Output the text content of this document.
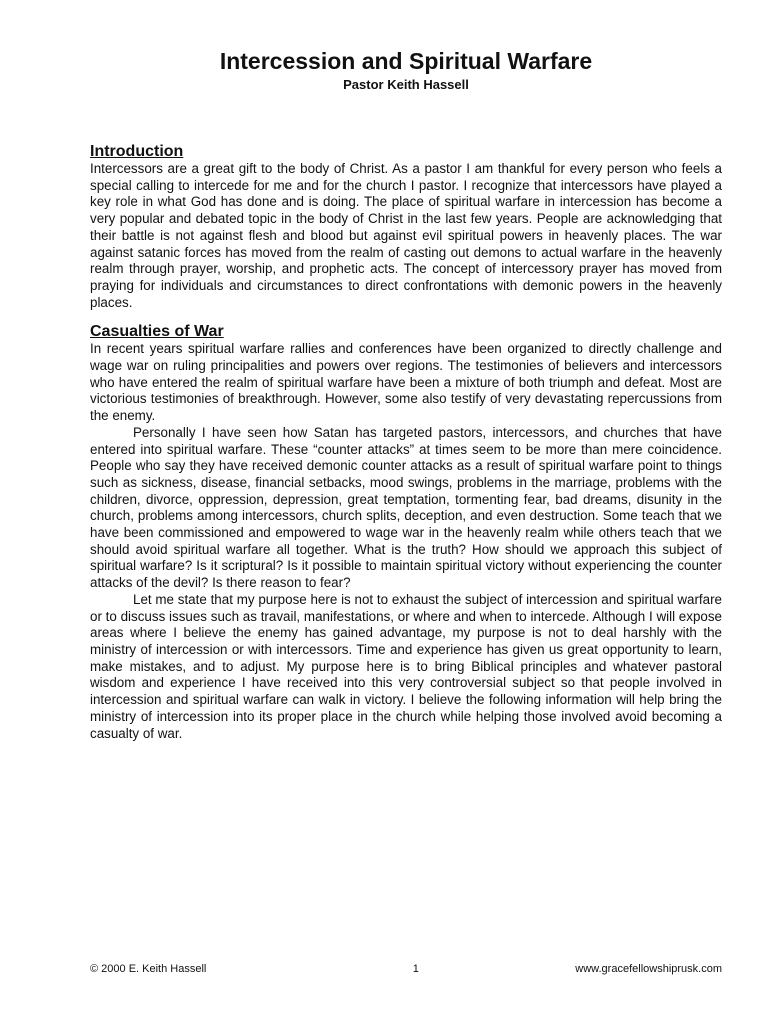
Intercession and Spiritual Warfare

Pastor Keith Hassell

Introduction

Intercessors are a great gift to the body of Christ. As a pastor I am thankful for every person who feels a special calling to intercede for me and for the church I pastor. I recognize that intercessors have played a key role in what God has done and is doing. The place of spiritual warfare in intercession has become a very popular and debated topic in the body of Christ in the last few years. People are acknowledging that their battle is not against flesh and blood but against evil spiritual powers in heavenly places. The war against satanic forces has moved from the realm of casting out demons to actual warfare in the heavenly realm through prayer, worship, and prophetic acts. The concept of intercessory prayer has moved from praying for individuals and circumstances to direct confrontations with demonic powers in the heavenly places.

Casualties of War

In recent years spiritual warfare rallies and conferences have been organized to directly challenge and wage war on ruling principalities and powers over regions. The testimonies of believers and intercessors who have entered the realm of spiritual warfare have been a mixture of both triumph and defeat. Most are victorious testimonies of breakthrough. However, some also testify of very devastating repercussions from the enemy.

Personally I have seen how Satan has targeted pastors, intercessors, and churches that have entered into spiritual warfare. These “counter attacks” at times seem to be more than mere coincidence. People who say they have received demonic counter attacks as a result of spiritual warfare point to things such as sickness, disease, financial setbacks, mood swings, problems in the marriage, problems with the children, divorce, oppression, depression, great temptation, tormenting fear, bad dreams, disunity in the church, problems among intercessors, church splits, deception, and even destruction. Some teach that we have been commissioned and empowered to wage war in the heavenly realm while others teach that we should avoid spiritual warfare all together. What is the truth? How should we approach this subject of spiritual warfare? Is it scriptural? Is it possible to maintain spiritual victory without experiencing the counter attacks of the devil? Is there reason to fear?

Let me state that my purpose here is not to exhaust the subject of intercession and spiritual warfare or to discuss issues such as travail, manifestations, or where and when to intercede. Although I will expose areas where I believe the enemy has gained advantage, my purpose is not to deal harshly with the ministry of intercession or with intercessors. Time and experience has given us great opportunity to learn, make mistakes, and to adjust. My purpose here is to bring Biblical principles and whatever pastoral wisdom and experience I have received into this very controversial subject so that people involved in intercession and spiritual warfare can walk in victory. I believe the following information will help bring the ministry of intercession into its proper place in the church while helping those involved avoid becoming a casualty of war.

© 2000 E. Keith Hassell	1	www.gracefellowshiprusk.com
